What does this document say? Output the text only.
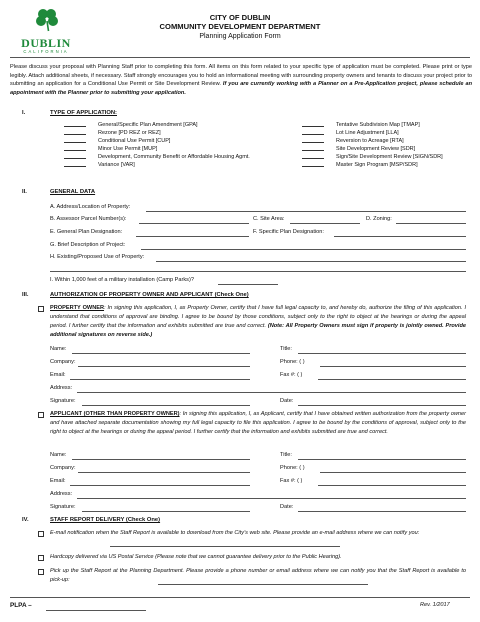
DUBLIN
CALIFORNIA
CITY OF DUBLIN
COMMUNITY DEVELOPMENT DEPARTMENT
Planning Application Form
Please discuss your proposal with Planning Staff prior to completing this form. All items on this form related to your specific type of application must be completed. Please print or type legibly. Attach additional sheets, if necessary. Staff strongly encourages you to hold an informational meeting with surrounding property owners and tenants to discuss your project prior to submitting an application for a Conditional Use Permit or Site Development Review. If you are currently working with a Planner on a Pre-Application project, please schedule an appointment with the Planner prior to submitting your application.
I.	TYPE OF APPLICATION:
General/Specific Plan Amendment [GPA]
Rezone [PD REZ or REZ]
Conditional Use Permit [CUP]
Minor Use Permit [MUP]
Development, Community Benefit or Affordable Housing Agmt.
Variance [VAR]
Tentative Subdivision Map [TMAP]
Lot Line Adjustment [LLA]
Reversion to Acreage [RTA]
Site Development Review [SDR]
Sign/Site Development Review [SIGN/SDR]
Master Sign Program [MSP/SDR]
II.	GENERAL DATA
A. Address/Location of Property:
B. Assessor Parcel Number(s):	C. Site Area:	D. Zoning:
E. General Plan Designation:	F. Specific Plan Designation:
G. Brief Description of Project:
H. Existing/Proposed Use of Property:
I. Within 1,000 feet of a military installation (Camp Parks)?
III.	AUTHORIZATION OF PROPERTY OWNER AND APPLICANT (Check One)
PROPERTY OWNER: In signing this application, I, as Property Owner, certify that I have full legal capacity to, and hereby do, authorize the filing of this application. I understand that conditions of approval are binding. I agree to be bound by those conditions, subject only to the right to object at the hearings or during the appeal period. I further certify that the information and exhibits submitted are true and correct. (Note: All Property Owners must sign if property is jointly owned. Provide additional signatures on reverse side.)
Name:	Title:
Company:	Phone: ( )
Email:	Fax #: ( )
Address:
Signature:	Date:
APPLICANT (OTHER THAN PROPERTY OWNER): In signing this application, I, as Applicant, certify that I have obtained written authorization from the property owner and have attached separate documentation showing my full legal capacity to file this application. I agree to be bound by the conditions of approval, subject only to the right to object at the hearings or during the appeal period. I further certify that the information and exhibits submitted are true and correct.
Name:	Title:
Company:	Phone: ( )
Email:	Fax #: ( )
Address:
Signature:	Date:
IV.	STAFF REPORT DELIVERY (Check One)
E-mail notification when the Staff Report is available to download from the City’s web site. Please provide an e-mail address where we can notify you:
Hardcopy delivered via US Postal Service (Please note that we cannot guarantee delivery prior to the Public Hearing).
Pick up the Staff Report at the Planning Department. Please provide a phone number or email address where we can notify you that the Staff Report is available to pick-up:
PLPA –	Rev. 1/2017
